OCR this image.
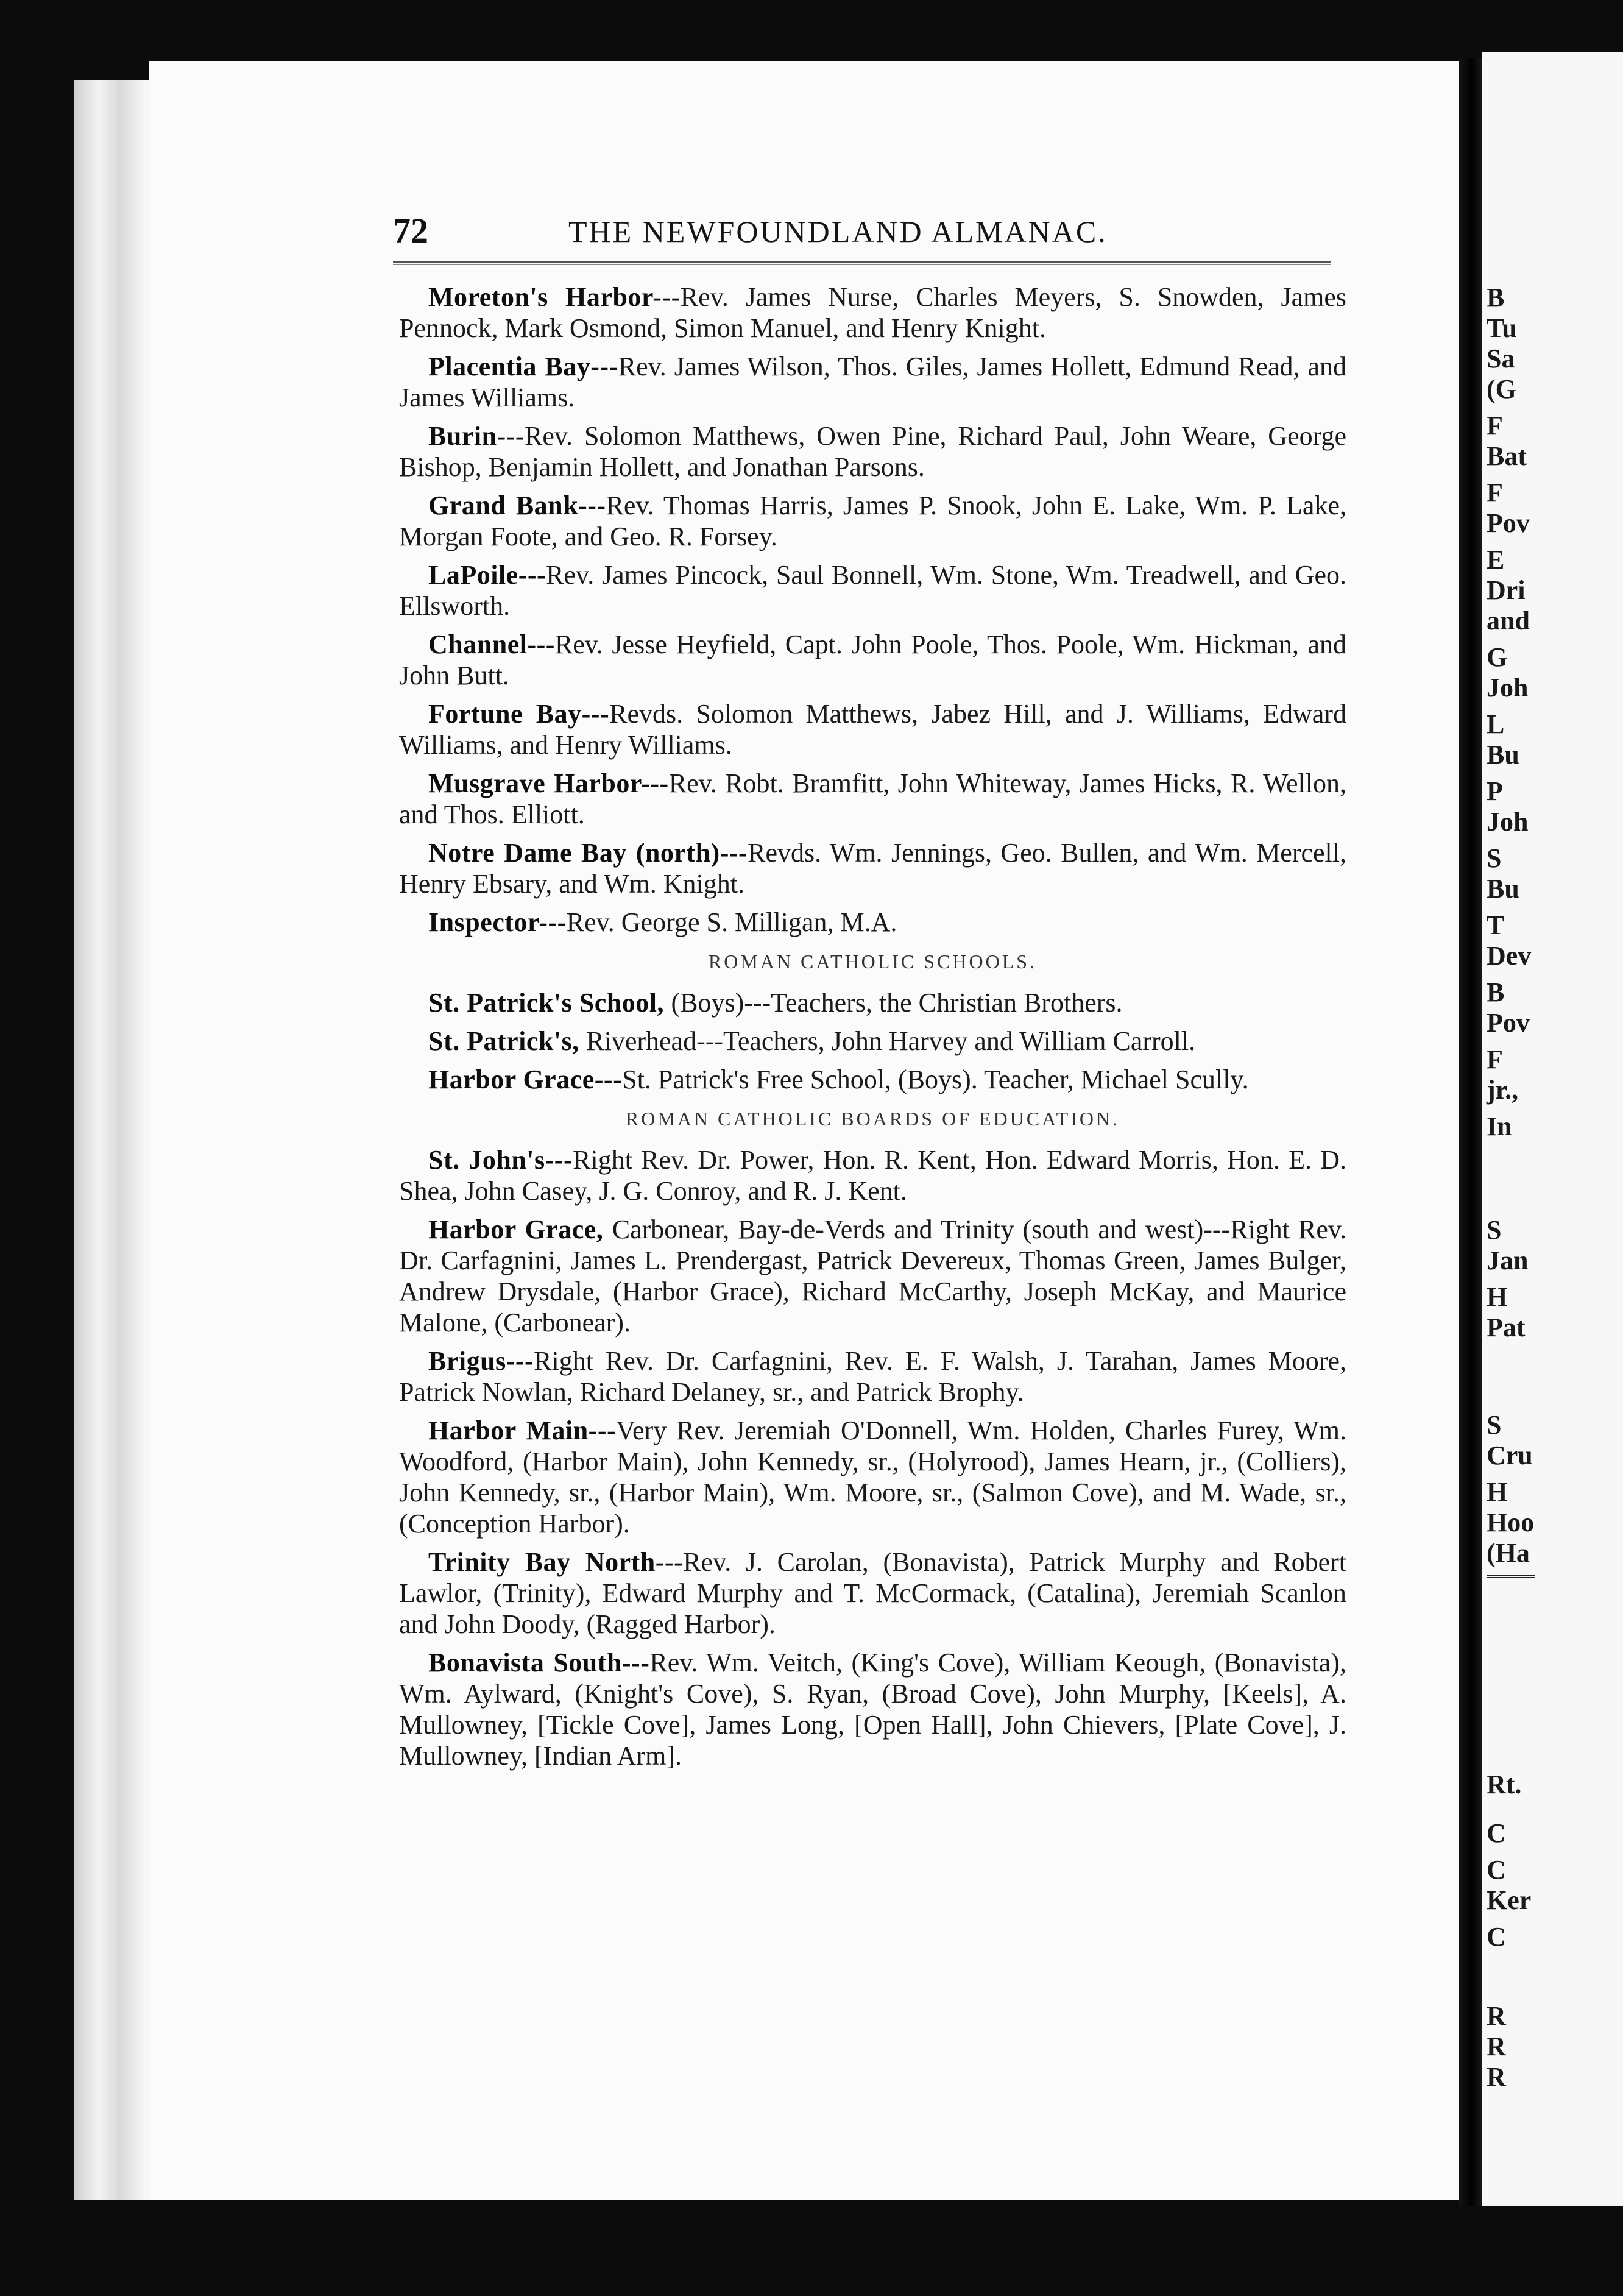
B
Tu
Sa
(G
F
Bat
F
Pov
E
Dri
and
G
Joh
L
Bu
P
Joh
S
Bu
T
Dev
B
Pov
F
jr.,
In
S
Jan
H
Pat
S
Cru
H
Hoo
(Ha
Rt.
C
C
Ker
C
R
R
R
72	THE NEWFOUNDLAND ALMANAC.

Moreton's Harbor---Rev. James Nurse, Charles Meyers, S. Snowden, James Pennock, Mark Osmond, Simon Manuel, and Henry Knight.

Placentia Bay---Rev. James Wilson, Thos. Giles, James Hollett, Edmund Read, and James Williams.

Burin---Rev. Solomon Matthews, Owen Pine, Richard Paul, John Weare, George Bishop, Benjamin Hollett, and Jonathan Parsons.

Grand Bank---Rev. Thomas Harris, James P. Snook, John E. Lake, Wm. P. Lake, Morgan Foote, and Geo. R. Forsey.

LaPoile---Rev. James Pincock, Saul Bonnell, Wm. Stone, Wm. Treadwell, and Geo. Ellsworth.

Channel---Rev. Jesse Heyfield, Capt. John Poole, Thos. Poole, Wm. Hickman, and John Butt.

Fortune Bay---Revds. Solomon Matthews, Jabez Hill, and J. Williams, Edward Williams, and Henry Williams.

Musgrave Harbor---Rev. Robt. Bramfitt, John Whiteway, James Hicks, R. Wellon, and Thos. Elliott.

Notre Dame Bay (north)---Revds. Wm. Jennings, Geo. Bullen, and Wm. Mercell, Henry Ebsary, and Wm. Knight.

Inspector---Rev. George S. Milligan, M.A.

ROMAN CATHOLIC SCHOOLS.

St. Patrick's School, (Boys)---Teachers, the Christian Brothers.

St. Patrick's, Riverhead---Teachers, John Harvey and William Carroll.

Harbor Grace---St. Patrick's Free School, (Boys). Teacher, Michael Scully.

ROMAN CATHOLIC BOARDS OF EDUCATION.

St. John's---Right Rev. Dr. Power, Hon. R. Kent, Hon. Edward Morris, Hon. E. D. Shea, John Casey, J. G. Conroy, and R. J. Kent.

Harbor Grace, Carbonear, Bay-de-Verds and Trinity (south and west)---Right Rev. Dr. Carfagnini, James L. Prendergast, Patrick Devereux, Thomas Green, James Bulger, Andrew Drysdale, (Harbor Grace), Richard McCarthy, Joseph McKay, and Maurice Malone, (Carbonear).

Brigus---Right Rev. Dr. Carfagnini, Rev. E. F. Walsh, J. Tarahan, James Moore, Patrick Nowlan, Richard Delaney, sr., and Patrick Brophy.

Harbor Main---Very Rev. Jeremiah O'Donnell, Wm. Holden, Charles Furey, Wm. Woodford, (Harbor Main), John Kennedy, sr., (Holyrood), James Hearn, jr., (Colliers), John Kennedy, sr., (Harbor Main), Wm. Moore, sr., (Salmon Cove), and M. Wade, sr., (Conception Harbor).

Trinity Bay North---Rev. J. Carolan, (Bonavista), Patrick Murphy and Robert Lawlor, (Trinity), Edward Murphy and T. McCormack, (Catalina), Jeremiah Scanlon and John Doody, (Ragged Harbor).

Bonavista South---Rev. Wm. Veitch, (King's Cove), William Keough, (Bonavista), Wm. Aylward, (Knight's Cove), S. Ryan, (Broad Cove), John Murphy, [Keels], A. Mullowney, [Tickle Cove], James Long, [Open Hall], John Chievers, [Plate Cove], J. Mullowney, [Indian Arm].
